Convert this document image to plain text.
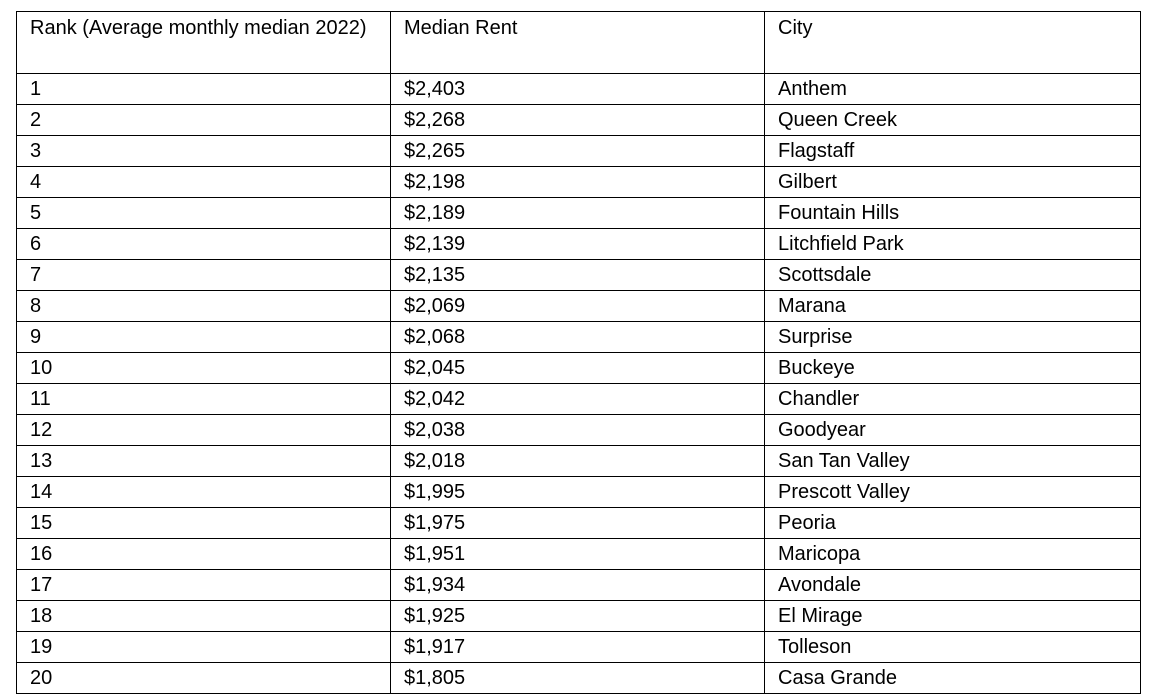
Rank (Average monthly median 2022)	Median Rent	City
1	$2,403	Anthem
2	$2,268	Queen Creek
3	$2,265	Flagstaff
4	$2,198	Gilbert
5	$2,189	Fountain Hills
6	$2,139	Litchfield Park
7	$2,135	Scottsdale
8	$2,069	Marana
9	$2,068	Surprise
10	$2,045	Buckeye
11	$2,042	Chandler
12	$2,038	Goodyear
13	$2,018	San Tan Valley
14	$1,995	Prescott Valley
15	$1,975	Peoria
16	$1,951	Maricopa
17	$1,934	Avondale
18	$1,925	El Mirage
19	$1,917	Tolleson
20	$1,805	Casa Grande
